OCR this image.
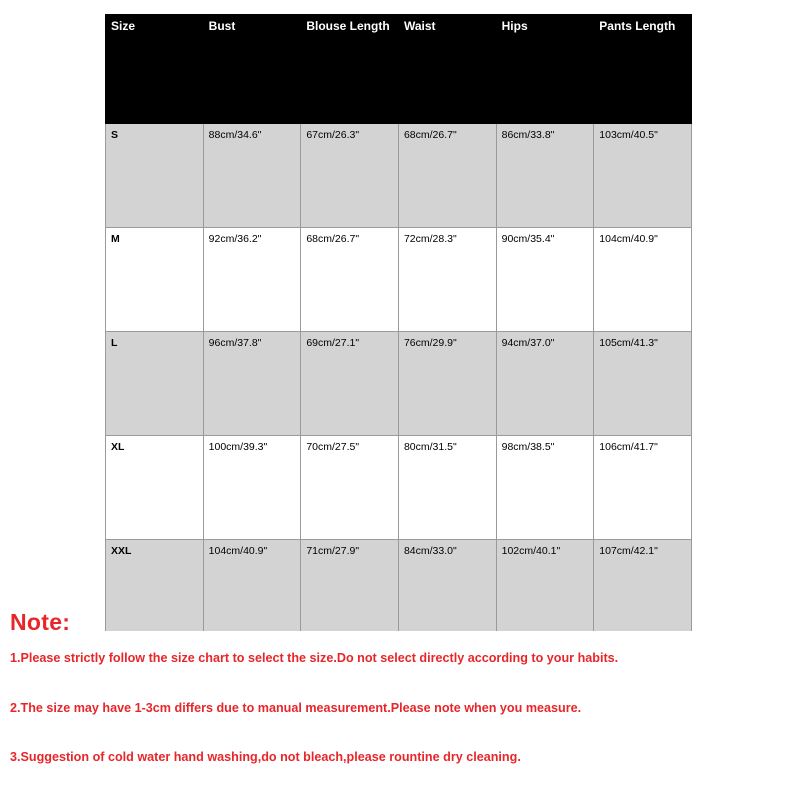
Size	Bust	Blouse Length	Waist	Hips	Pants Length
S	88cm/34.6"	67cm/26.3"	68cm/26.7"	86cm/33.8"	103cm/40.5"
M	92cm/36.2"	68cm/26.7"	72cm/28.3"	90cm/35.4"	104cm/40.9"
L	96cm/37.8"	69cm/27.1"	76cm/29.9"	94cm/37.0"	105cm/41.3"
XL	100cm/39.3"	70cm/27.5"	80cm/31.5"	98cm/38.5"	106cm/41.7"
XXL	104cm/40.9"	71cm/27.9"	84cm/33.0"	102cm/40.1"	107cm/42.1"
Note:

1.Please strictly follow the size chart to select the size.Do not select directly according to your habits.

2.The size may have 1-3cm differs due to manual measurement.Please note when you measure.

3.Suggestion of cold water hand washing,do not bleach,please rountine dry cleaning.
